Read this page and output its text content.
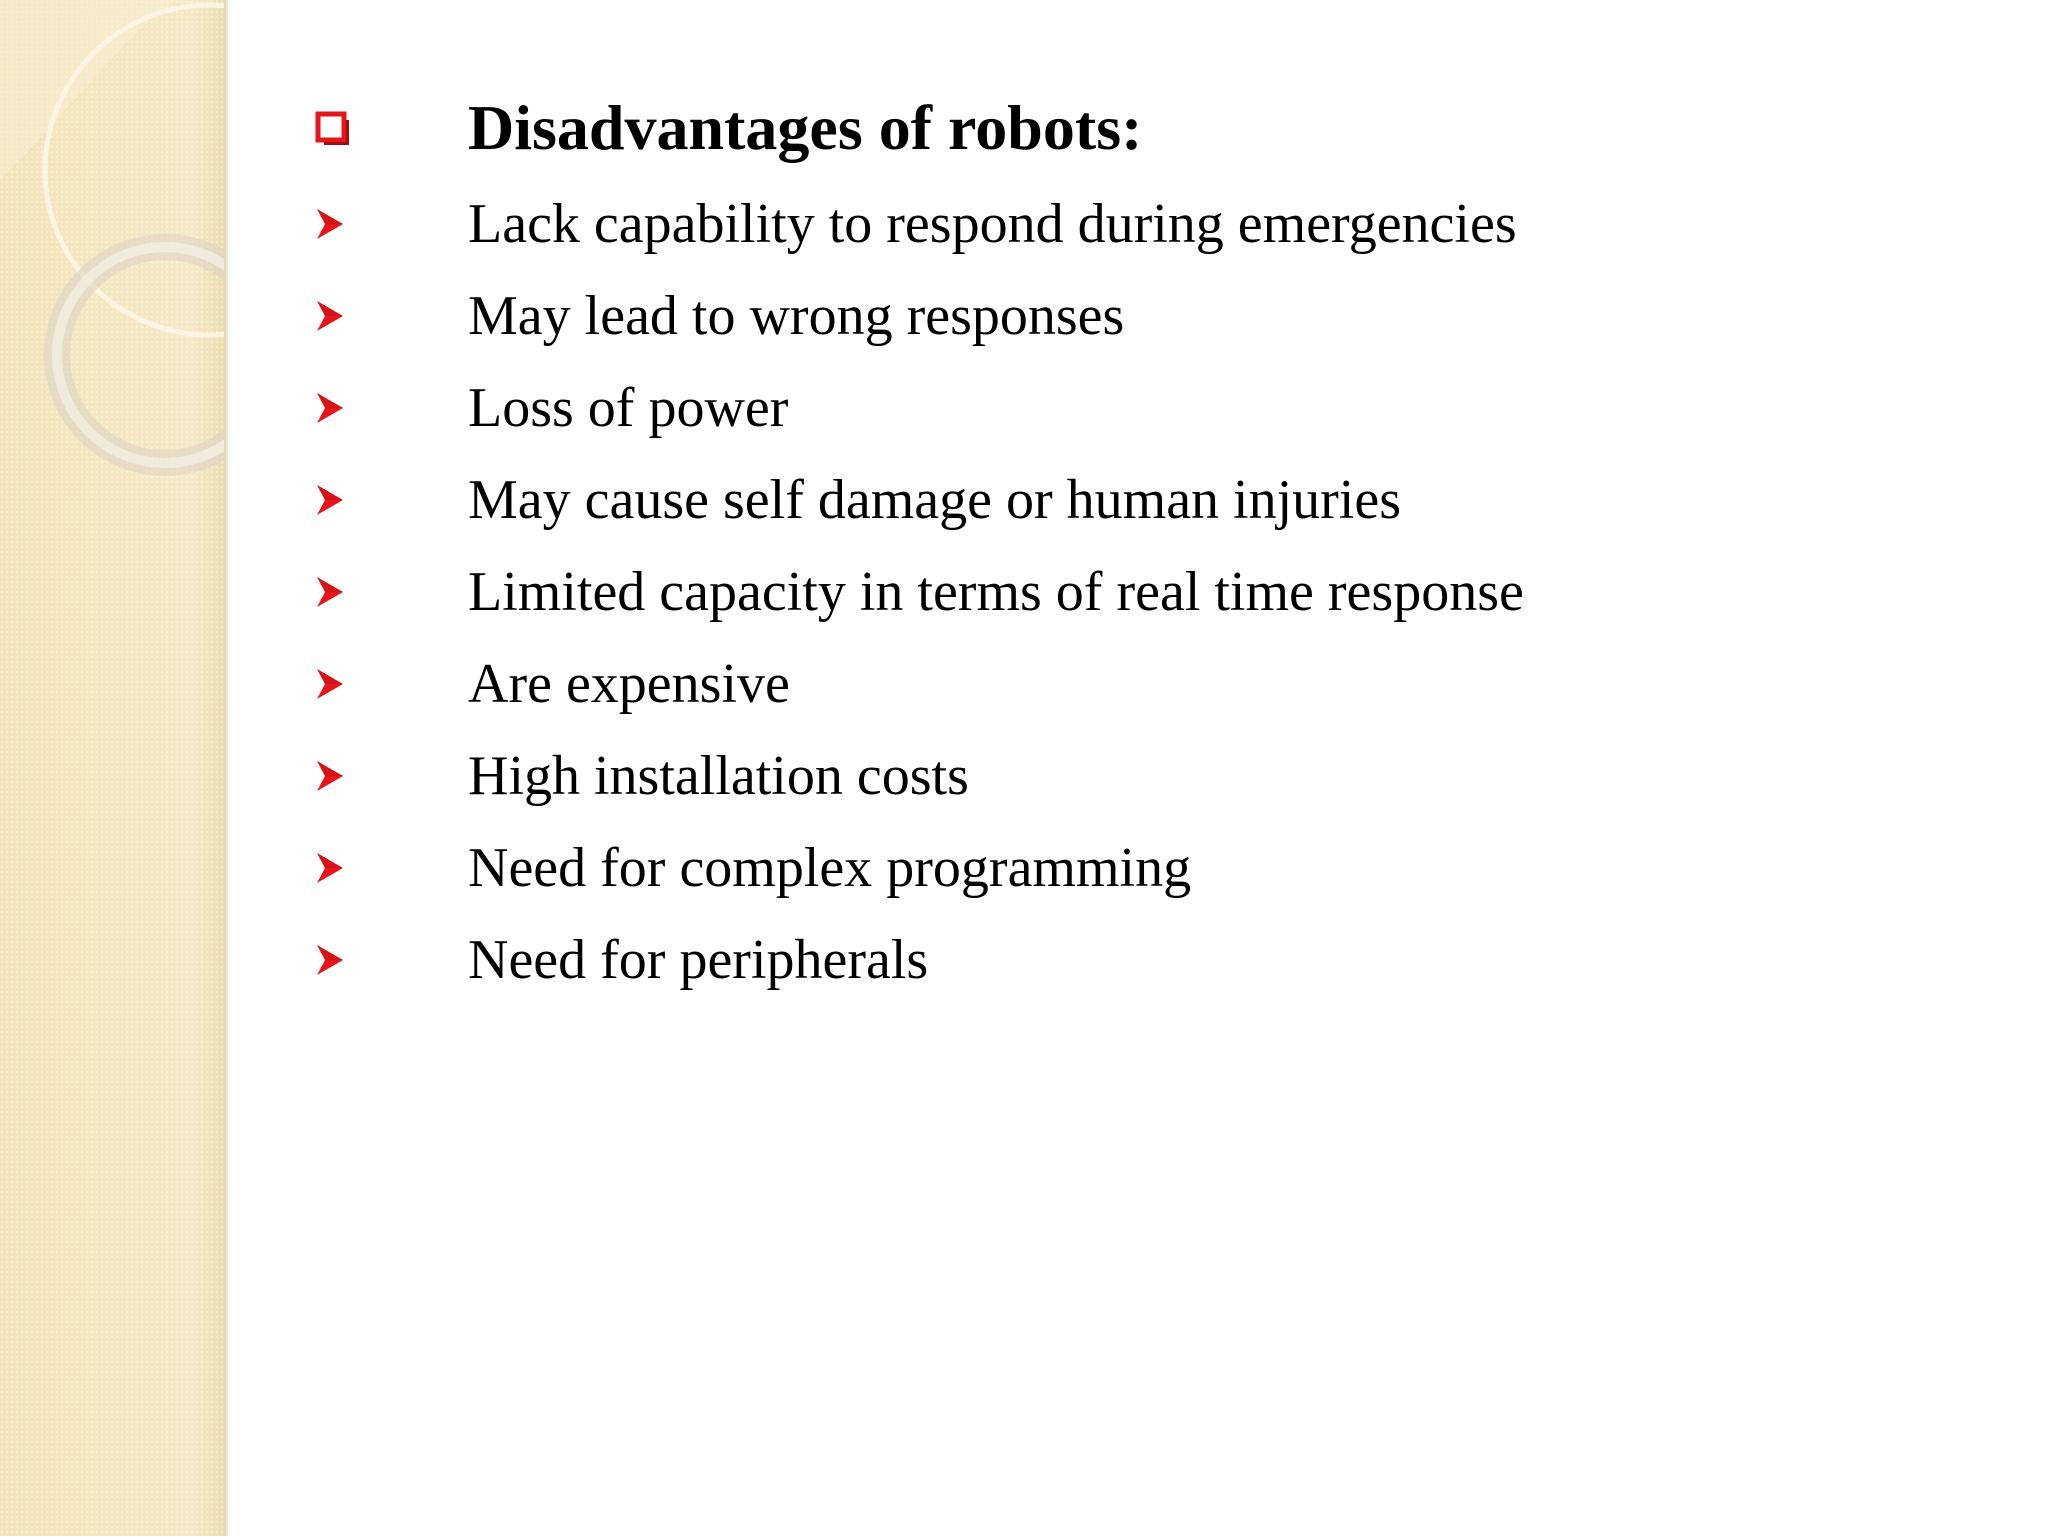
Disadvantages of robots:
Lack capability to respond during emergencies
May lead to wrong responses
Loss of power
May cause self damage or human injuries
Limited capacity in terms of real time response
Are expensive
High installation costs
Need for complex programming
Need for peripherals
